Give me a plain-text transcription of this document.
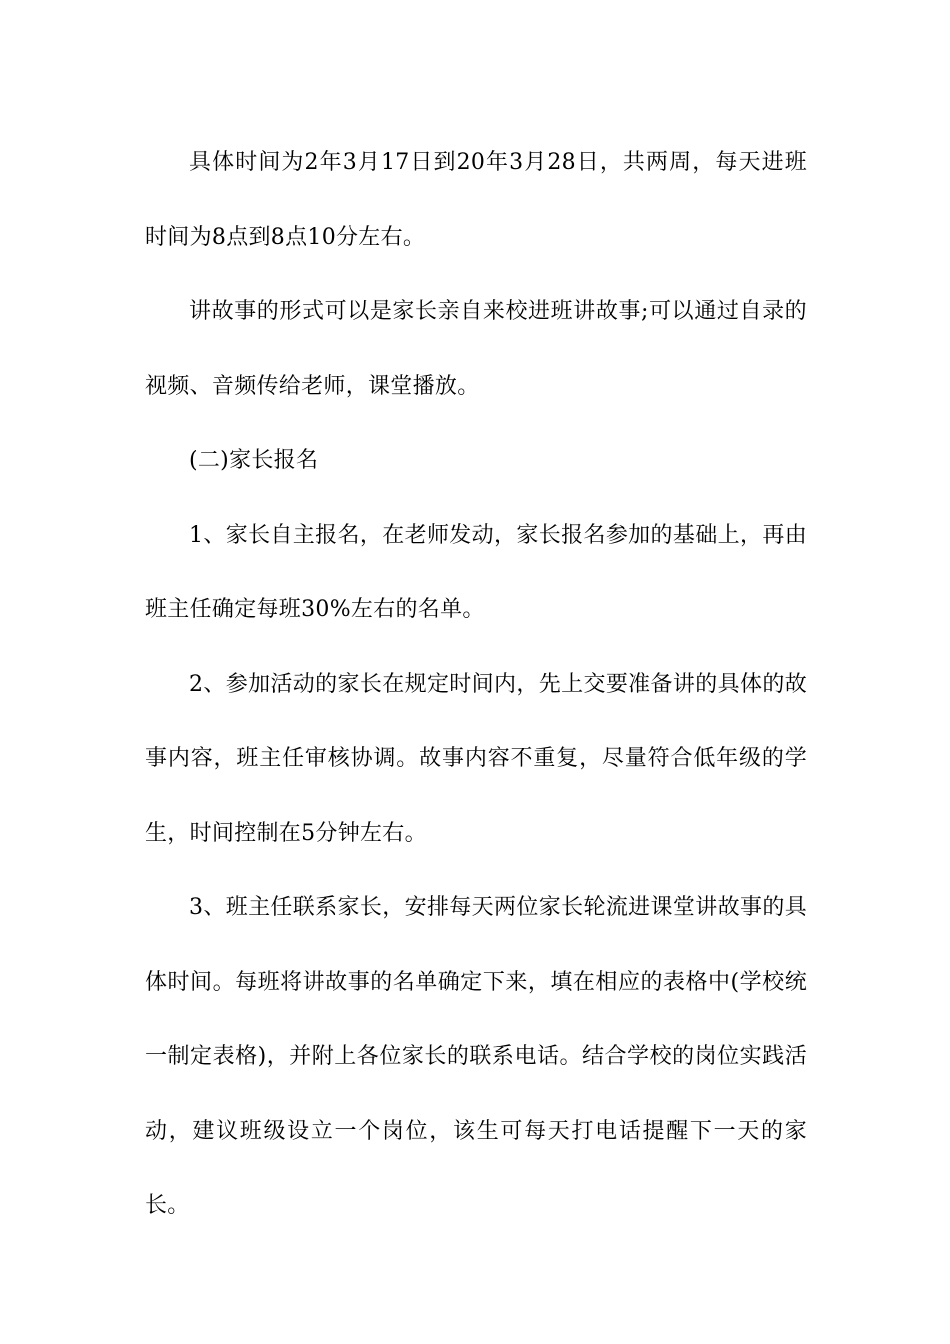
具体时间为2年3月17日到20年3月28日，共两周，每天进班时间为8点到8点10分左右。

讲故事的形式可以是家长亲自来校进班讲故事;可以通过自录的视频、音频传给老师，课堂播放。

(二)家长报名

1、家长自主报名，在老师发动，家长报名参加的基础上，再由班主任确定每班30%左右的名单。

2、参加活动的家长在规定时间内，先上交要准备讲的具体的故事内容，班主任审核协调。故事内容不重复，尽量符合低年级的学生，时间控制在5分钟左右。

3、班主任联系家长，安排每天两位家长轮流进课堂讲故事的具体时间。每班将讲故事的名单确定下来，填在相应的表格中(学校统一制定表格)，并附上各位家长的联系电话。结合学校的岗位实践活动，建议班级设立一个岗位，该生可每天打电话提醒下一天的家长。
